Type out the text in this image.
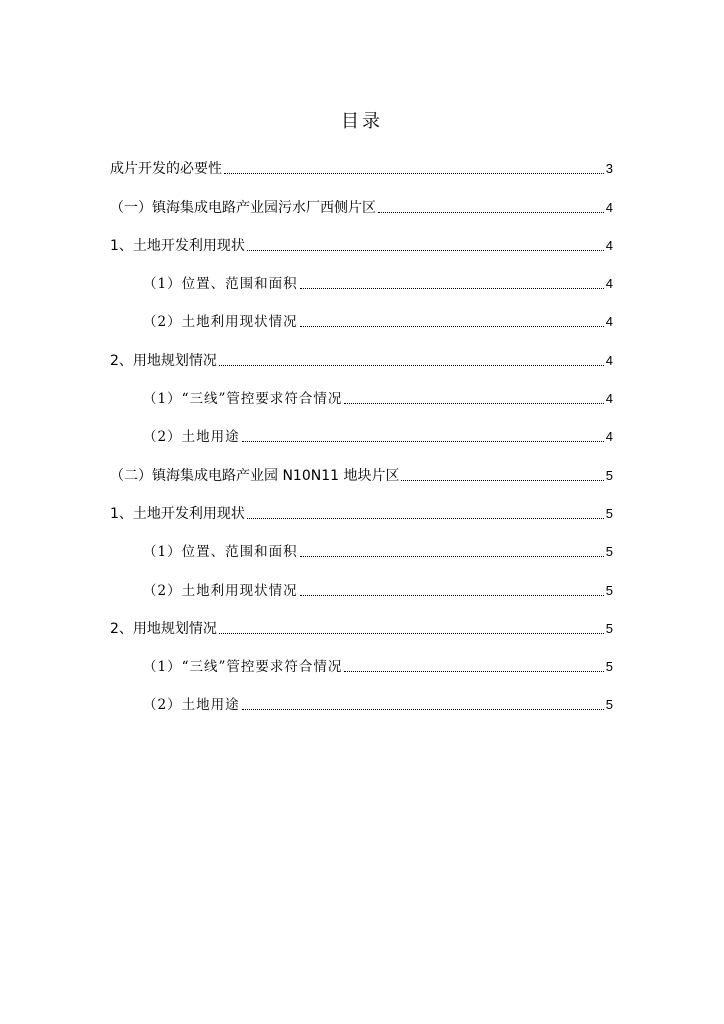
目录
成片开发的必要性	3
（一）镇海集成电路产业园污水厂西侧片区	4
1、土地开发利用现状	4
（1）位置、范围和面积	4
（2）土地利用现状情况	4
2、用地规划情况	4
（1）“三线”管控要求符合情况	4
（2）土地用途	4
（二）镇海集成电路产业园 N10N11 地块片区	5
1、土地开发利用现状	5
（1）位置、范围和面积	5
（2）土地利用现状情况	5
2、用地规划情况	5
（1）“三线”管控要求符合情况	5
（2）土地用途	5
